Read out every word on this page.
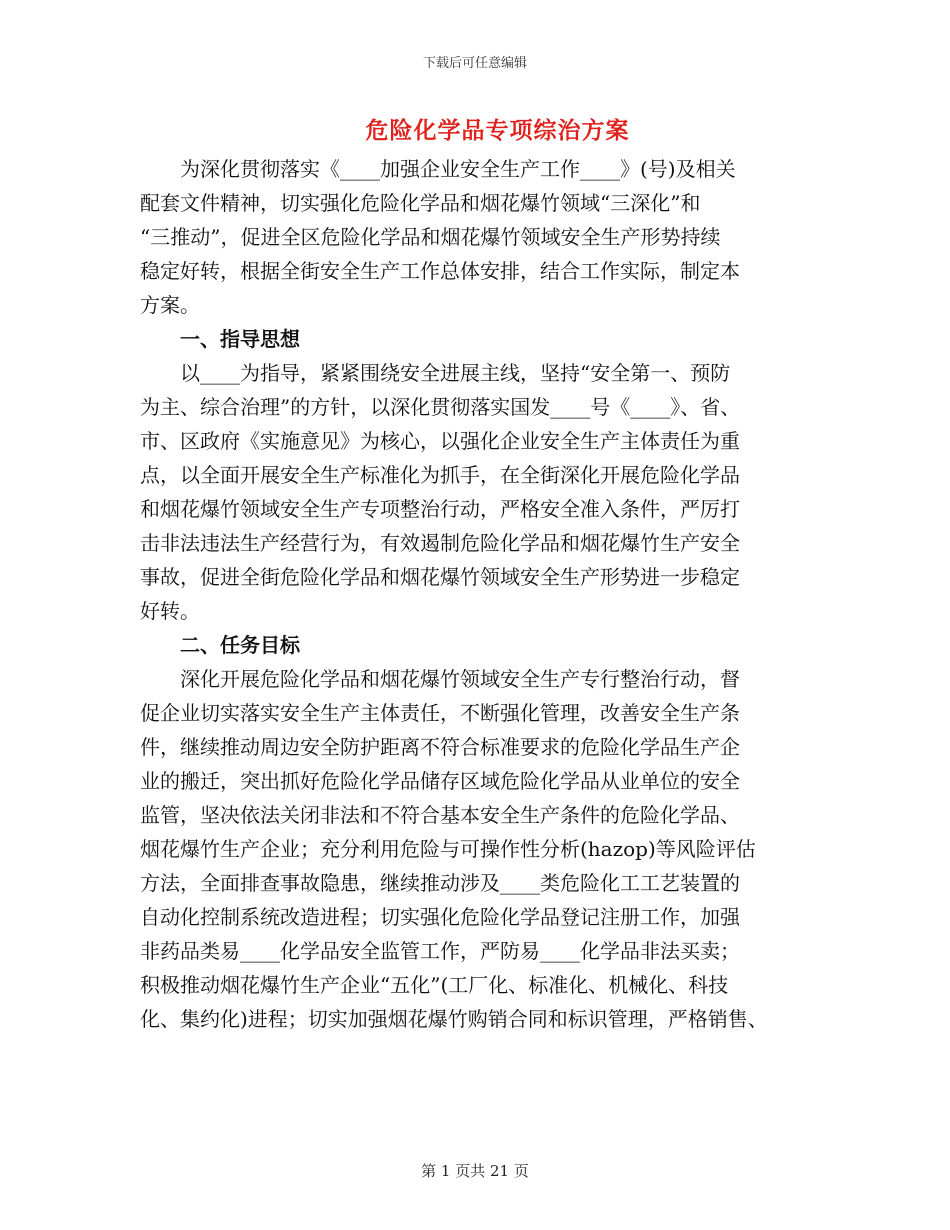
下载后可任意编辑
危险化学品专项综治方案

为深化贯彻落实《____加强企业安全生产工作____》(号)及相关
配套文件精神，切实强化危险化学品和烟花爆竹领域“三深化”和
“三推动”，促进全区危险化学品和烟花爆竹领域安全生产形势持续
稳定好转，根据全街安全生产工作总体安排，结合工作实际，制定本
方案。

一、指导思想

以____为指导，紧紧围绕安全进展主线，坚持“安全第一、预防
为主、综合治理”的方针，以深化贯彻落实国发____号《____》、省、
市、区政府《实施意见》为核心，以强化企业安全生产主体责任为重
点，以全面开展安全生产标准化为抓手，在全街深化开展危险化学品
和烟花爆竹领域安全生产专项整治行动，严格安全准入条件，严厉打
击非法违法生产经营行为，有效遏制危险化学品和烟花爆竹生产安全
事故，促进全街危险化学品和烟花爆竹领域安全生产形势进一步稳定
好转。

二、任务目标

深化开展危险化学品和烟花爆竹领域安全生产专行整治行动，督
促企业切实落实安全生产主体责任，不断强化管理，改善安全生产条
件，继续推动周边安全防护距离不符合标准要求的危险化学品生产企
业的搬迁，突出抓好危险化学品储存区域危险化学品从业单位的安全
监管，坚决依法关闭非法和不符合基本安全生产条件的危险化学品、
烟花爆竹生产企业；充分利用危险与可操作性分析(hazop)等风险评估
方法，全面排查事故隐患，继续推动涉及____类危险化工工艺装置的
自动化控制系统改造进程；切实强化危险化学品登记注册工作，加强
非药品类易____化学品安全监管工作，严防易____化学品非法买卖；
积极推动烟花爆竹生产企业“五化”(工厂化、标准化、机械化、科技
化、集约化)进程；切实加强烟花爆竹购销合同和标识管理，严格销售、

第 1 页共 21 页
